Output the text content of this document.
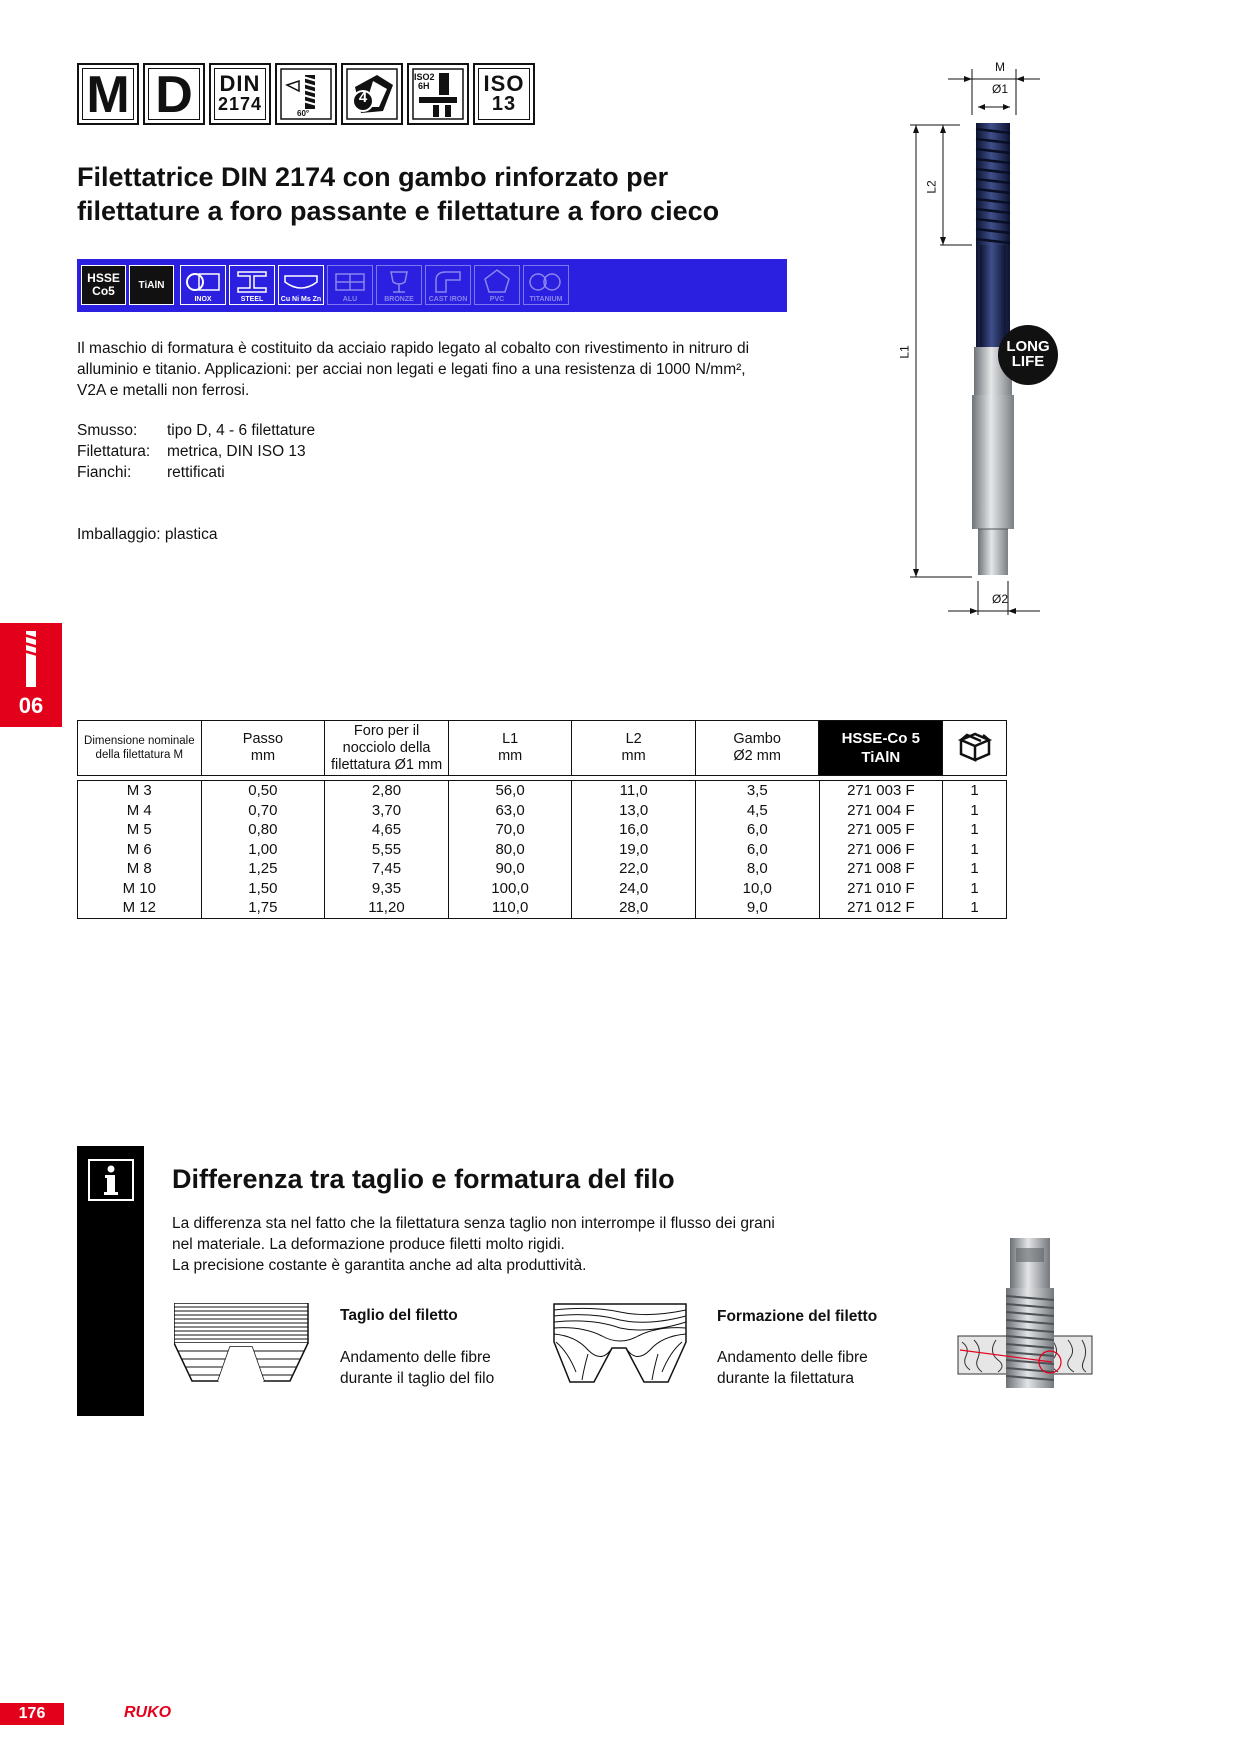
M D DIN
2174	60°
4
ISO2
6H ISO
13
Filettatrice DIN 2174 con gambo rinforzato per
filettature a foro passante e filettature a foro cieco
HSSE
Co5	TiAlN
INOX	STEEL	Cu Ni Ms Zn	ALU	BRONZE	CAST IRON	PVC	TITANIUM
Il maschio di formatura è costituito da acciaio rapido legato al cobalto con rivestimento in nitruro di
alluminio e titanio. Applicazioni: per acciai non legati e legati fino a una resistenza di 1000 N/mm²,
V2A e metalli non ferrosi.
Smusso: tipo D, 4 - 6 filettature
Filettatura: metrica, DIN ISO 13
Fianchi: rettificati
Imballaggio: plastica
M
Ø1
Ø2
L1
L2
LONG
LIFE
06
Dimensione nominale
della filettatura M

Passo
mm

Foro per il
nocciolo della
filettatura Ø1 mm

L1
mm

L2
mm

Gambo
Ø2 mm

HSSE-Co 5
TiAlN

M 3	0,50	2,80	56,0	11,0	3,5	271 003 F	1
M 4	0,70	3,70	63,0	13,0	4,5	271 004 F	1
M 5	0,80	4,65	70,0	16,0	6,0	271 005 F	1
M 6	1,00	5,55	80,0	19,0	6,0	271 006 F	1
M 8	1,25	7,45	90,0	22,0	8,0	271 008 F	1
M 10	1,50	9,35	100,0	24,0	10,0	271 010 F	1
M 12	1,75	11,20	110,0	28,0	9,0	271 012 F	1
Differenza tra taglio e formatura del filo
La differenza sta nel fatto che la filettatura senza taglio non interrompe il flusso dei grani
nel materiale. La deformazione produce filetti molto rigidi.
La precisione costante è garantita anche ad alta produttività.
Taglio del filetto
Andamento delle fibre
durante il taglio del filo
Formazione del filetto
Andamento delle fibre
durante la filettatura
176	RUKO
